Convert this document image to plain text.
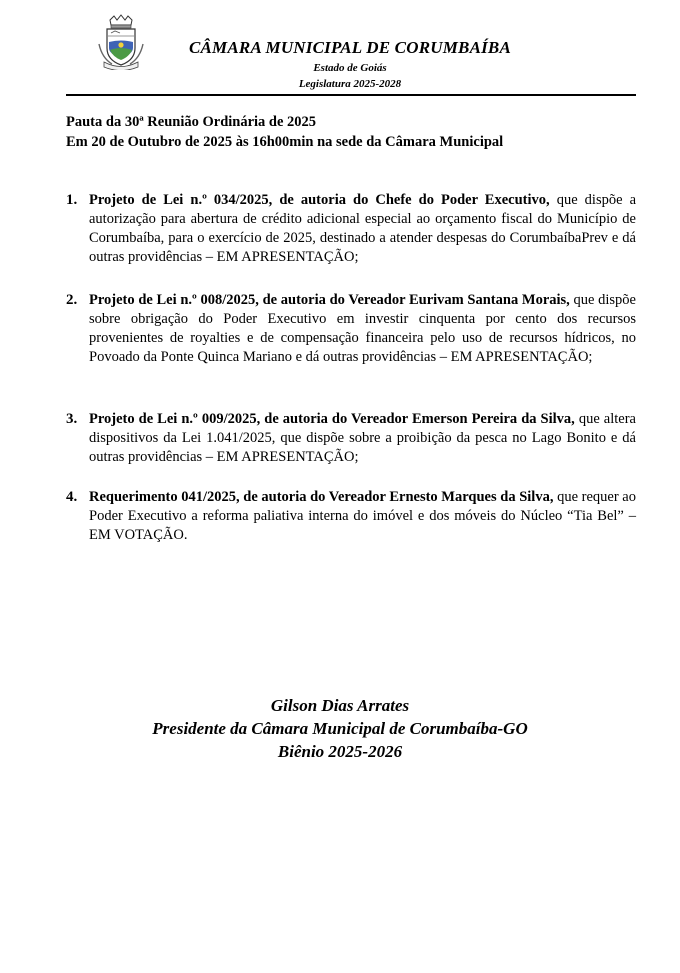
CÂMARA MUNICIPAL DE CORUMBAÍBA
Estado de Goiás
Legislatura 2025-2028
Pauta da 30ª Reunião Ordinária de 2025
Em 20 de Outubro de 2025 às 16h00min na sede da Câmara Municipal
1. Projeto de Lei n.º 034/2025, de autoria do Chefe do Poder Executivo, que dispõe a autorização para abertura de crédito adicional especial ao orçamento fiscal do Município de Corumbaíba, para o exercício de 2025, destinado a atender despesas do CorumbaíbaPrev e dá outras providências – EM APRESENTAÇÃO;
2. Projeto de Lei n.º 008/2025, de autoria do Vereador Eurivam Santana Morais, que dispõe sobre obrigação do Poder Executivo em investir cinquenta por cento dos recursos provenientes de royalties e de compensação financeira pelo uso de recursos hídricos, no Povoado da Ponte Quinca Mariano e dá outras providências – EM APRESENTAÇÃO;
3. Projeto de Lei n.º 009/2025, de autoria do Vereador Emerson Pereira da Silva, que altera dispositivos da Lei 1.041/2025, que dispõe sobre a proibição da pesca no Lago Bonito e dá outras providências – EM APRESENTAÇÃO;
4. Requerimento 041/2025, de autoria do Vereador Ernesto Marques da Silva, que requer ao Poder Executivo a reforma paliativa interna do imóvel e dos móveis do Núcleo “Tia Bel” – EM VOTAÇÃO.
Gilson Dias Arrates
Presidente da Câmara Municipal de Corumbaíba-GO
Biênio 2025-2026
